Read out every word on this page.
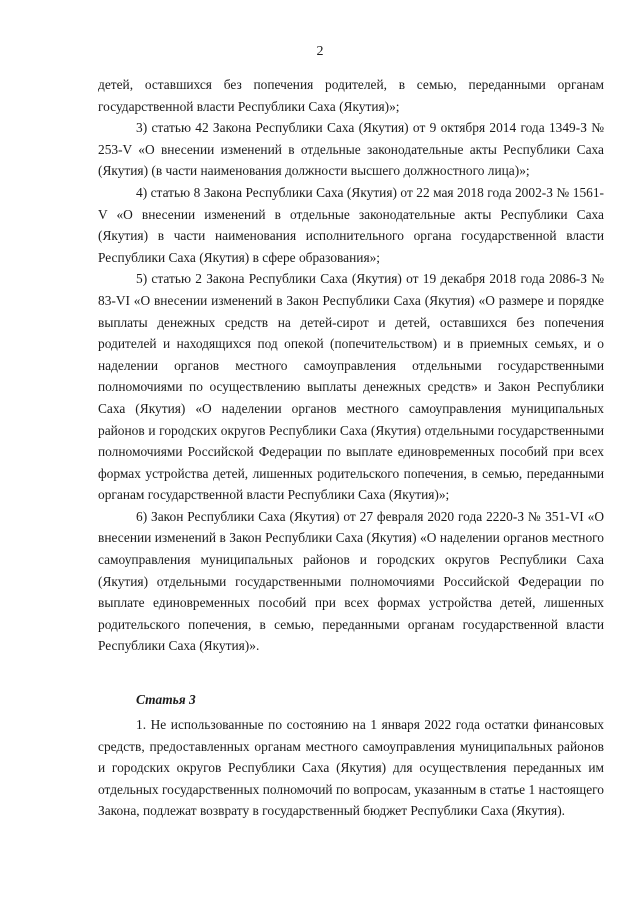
2

детей, оставшихся без попечения родителей, в семью, переданными органам государственной власти Республики Саха (Якутия)»;

3) статью 42 Закона Республики Саха (Якутия) от 9 октября 2014 года 1349-З № 253-V «О внесении изменений в отдельные законодательные акты Республики Саха (Якутия) (в части наименования должности высшего должностного лица)»;

4) статью 8 Закона Республики Саха (Якутия) от 22 мая 2018 года 2002-З № 1561-V «О внесении изменений в отдельные законодательные акты Республики Саха (Якутия) в части наименования исполнительного органа государственной власти Республики Саха (Якутия) в сфере образования»;

5) статью 2 Закона Республики Саха (Якутия) от 19 декабря 2018 года 2086-З № 83-VI «О внесении изменений в Закон Республики Саха (Якутия) «О размере и порядке выплаты денежных средств на детей-сирот и детей, оставшихся без попечения родителей и находящихся под опекой (попечительством) и в приемных семьях, и о наделении органов местного самоуправления отдельными государственными полномочиями по осуществлению выплаты денежных средств» и Закон Республики Саха (Якутия) «О наделении органов местного самоуправления муниципальных районов и городских округов Республики Саха (Якутия) отдельными государственными полномочиями Российской Федерации по выплате единовременных пособий при всех формах устройства детей, лишенных родительского попечения, в семью, переданными органам государственной власти Республики Саха (Якутия)»;

6) Закон Республики Саха (Якутия) от 27 февраля 2020 года 2220-З № 351-VI «О внесении изменений в Закон Республики Саха (Якутия) «О наделении органов местного самоуправления муниципальных районов и городских округов Республики Саха (Якутия) отдельными государственными полномочиями Российской Федерации по выплате единовременных пособий при всех формах устройства детей, лишенных родительского попечения, в семью, переданными органам государственной власти Республики Саха (Якутия)».

Статья 3

1. Не использованные по состоянию на 1 января 2022 года остатки финансовых средств, предоставленных органам местного самоуправления муниципальных районов и городских округов Республики Саха (Якутия) для осуществления переданных им отдельных государственных полномочий по вопросам, указанным в статье 1 настоящего Закона, подлежат возврату в государственный бюджет Республики Саха (Якутия).
